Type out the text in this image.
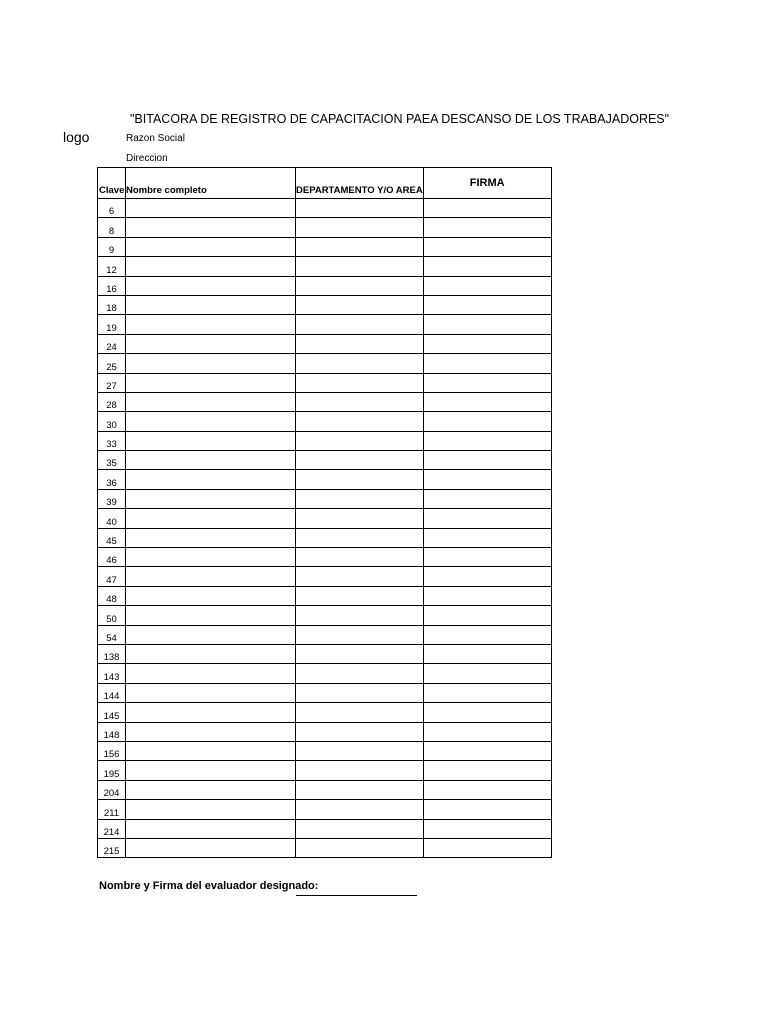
"BITACORA DE REGISTRO DE CAPACITACION PAEA DESCANSO DE LOS TRABAJADORES"
logo	Razon Social
Direccion
Clave	Nombre completo	DEPARTAMENTO Y/O AREA	FIRMA
6			
8			
9			
12			
16			
18			
19			
24			
25			
27			
28			
30			
33			
35			
36			
39			
40			
45			
46			
47			
48			
50			
54			
138			
143			
144			
145			
148			
156			
195			
204			
211			
214			
215			
Nombre y Firma del evaluador designado:
